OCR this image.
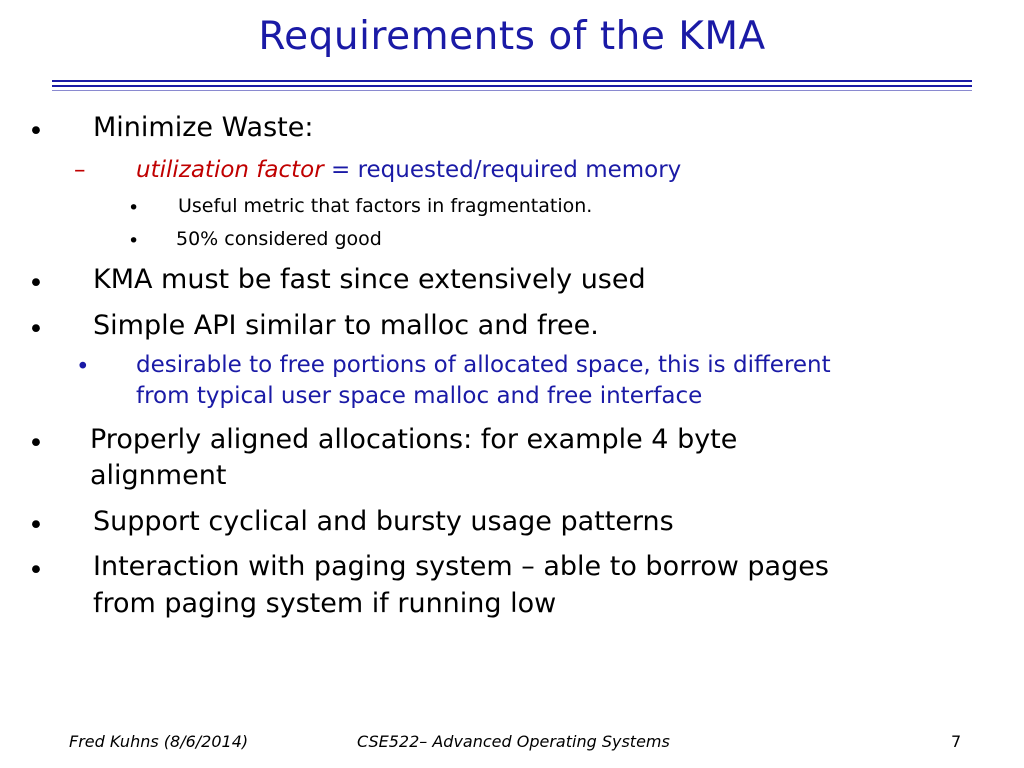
Requirements of the KMA
• Minimize Waste:
– utilization factor = requested/required memory
• Useful metric that factors in fragmentation.
• 50% considered good
• KMA must be fast since extensively used
• Simple API similar to malloc and free.
• desirable to free portions of allocated space, this is different
from typical user space malloc and free interface
• Properly aligned allocations: for example 4 byte
alignment
• Support cyclical and bursty usage patterns
• Interaction with paging system – able to borrow pages
from paging system if running low
Fred Kuhns (8/6/2014)	CSE522– Advanced Operating Systems	7
